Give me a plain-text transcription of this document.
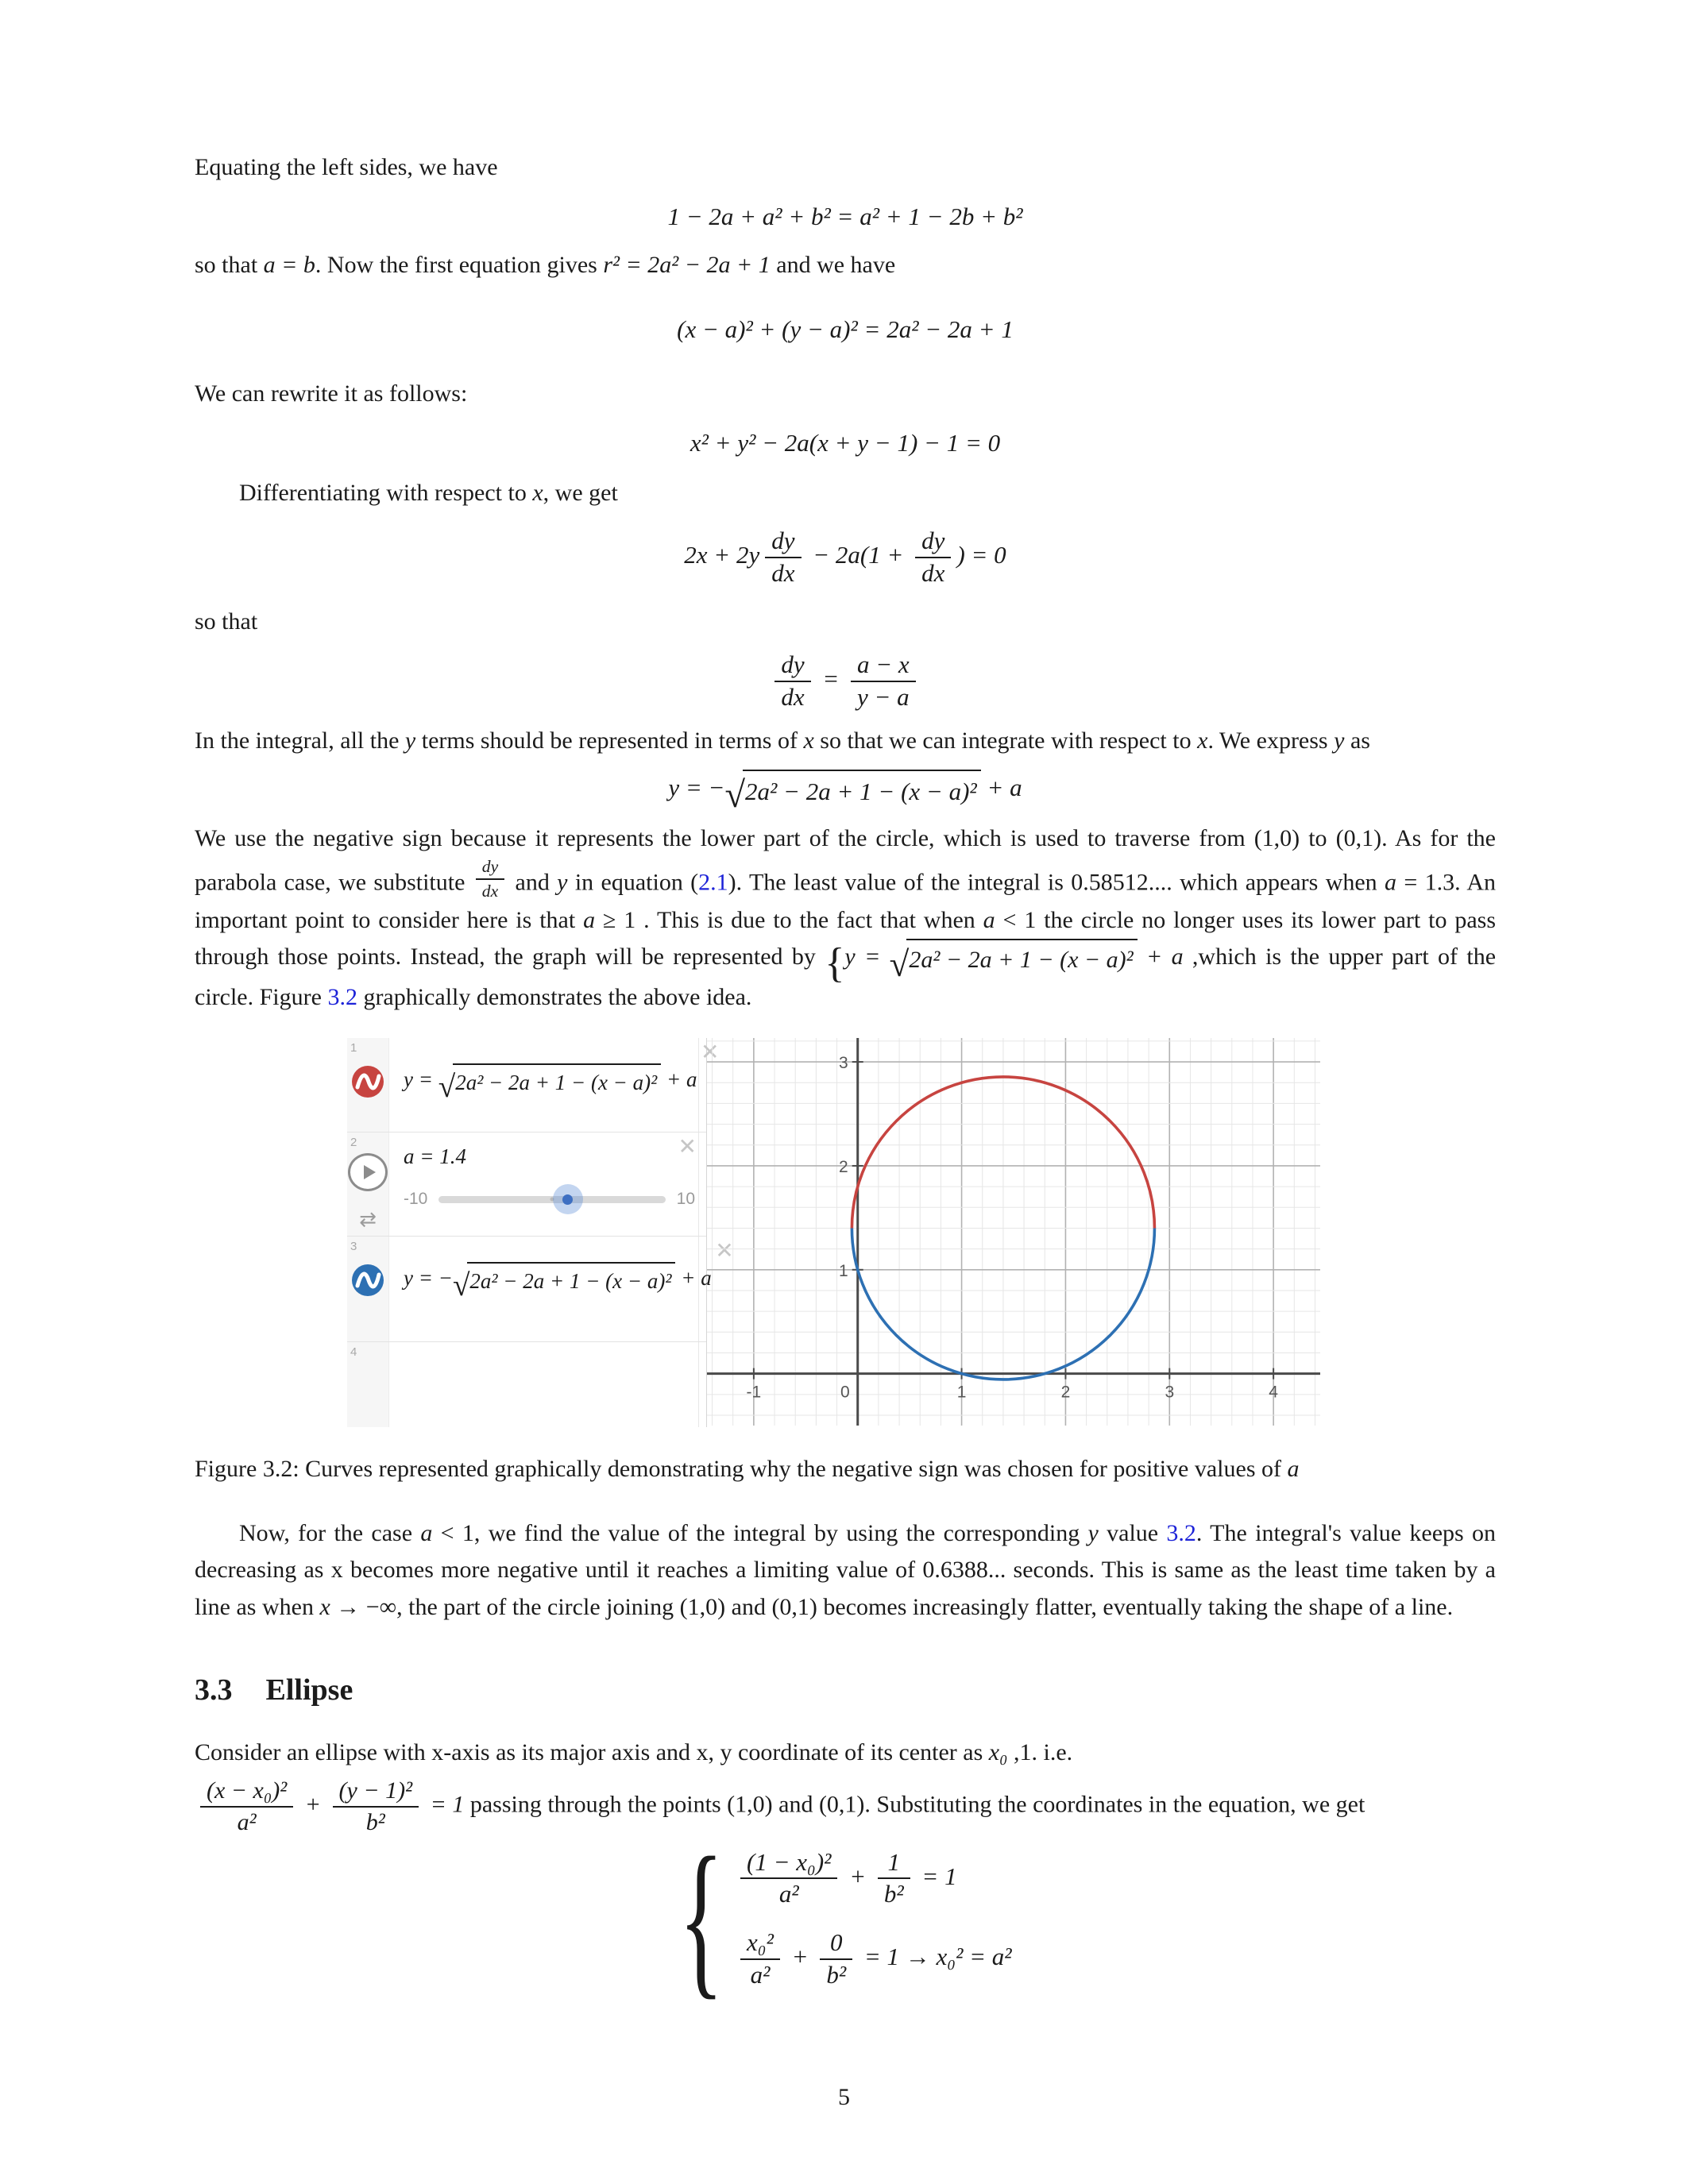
Equating the left sides, we have

1 − 2a + a² + b² = a² + 1 − 2b + b²

so that a = b. Now the first equation gives r² = 2a² − 2a + 1 and we have

(x − a)² + (y − a)² = 2a² − 2a + 1

We can rewrite it as follows:

x² + y² − 2a(x + y − 1) − 1 = 0

Differentiating with respect to x, we get

$2x + 2y \frac{dy}{dx} - 2a(1 + \frac{dy}{dx}$ ) = 0

so that

$\frac{dy}{dx} = \frac{a - x}{y - a}$

In the integral, all the y terms should be represented in terms of x so that we can integrate with respect to x. We express y as

y = − √ 2a² − 2a + 1 − (x − a)² + a

We use the negative sign because it represents the lower part of the circle, which is used to traverse from (1,0) to (0,1). As for the parabola case, we substitute $\frac{dy}{dx}$ and y in equation (2.1). The least value of the integral is 0.58512.... which appears when a = 1.3. An important point to consider here is that a ≥ 1 . This is due to the fact that when a < 1 the circle no longer uses its lower part to pass through those points. Instead, the graph will be represented by {y = √ 2a² − 2a + 1 − (x − a)² + a ,which is the upper part of the circle. Figure 3.2 graphically demonstrates the above idea.

1
y = √ 2a² − 2a + 1 − (x − a)² + a
✕
2
⇄
a = 1.4
-10	10
✕
3
y = − √ 2a² − 2a + 1 − (x − a)² + a
✕
4
-1	0	1	2	3	4
1
2
3

Figure 3.2: Curves represented graphically demonstrating why the negative sign was chosen for positive values of a

Now, for the case a < 1, we find the value of the integral by using the corresponding y value 3.2. The integral's value keeps on decreasing as x becomes more negative until it reaches a limiting value of 0.6388... seconds. This is same as the least time taken by a line as when x → −∞, the part of the circle joining (1,0) and (0,1) becomes increasingly flatter, eventually taking the shape of a line.

3.3 Ellipse

Consider an ellipse with x-axis as its major axis and x, y coordinate of its center as x₀ ,1. i.e.

$\frac{\text{(x − x₀)²}}{\text{a²}} + \frac{\text{(y − 1)²}}{\text{b²}} = 1$ passing through the points (1,0) and (0,1). Substituting the coordinates in the equation, we get

{ $\frac{\text{(1 − x₀)²}}{\text{a²}} + \frac{1}{\text{b²}} = 1$
$\frac{\text{x₀²}}{\text{a²}} + \frac{0}{\text{b²}} = 1 \to x_0^2 = a^2$
5
